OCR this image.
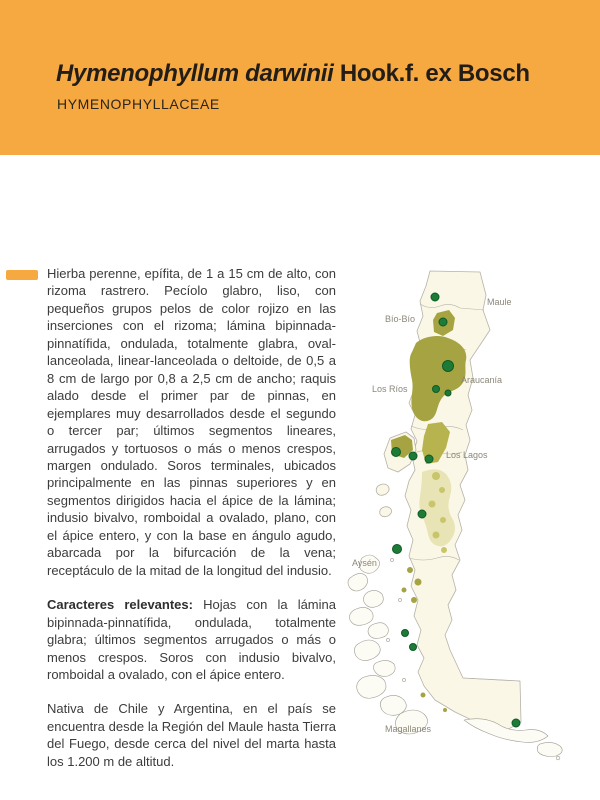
Hymenophyllum darwinii Hook.f. ex Bosch
HYMENOPHYLLACEAE

Hierba perenne, epífita, de 1 a 15 cm de alto, con rizoma rastrero. Pecíolo glabro, liso, con pequeños grupos pelos de color rojizo en las inserciones con el rizoma; lámina bipinnada-pinnatífida, ondulada, totalmente glabra, oval-lanceolada, linear-lanceolada o deltoide, de 0,5 a 8 cm de largo por 0,8 a 2,5 cm de ancho; raquis alado desde el primer par de pinnas, en ejemplares muy desarrollados desde el segundo o tercer par; últimos segmentos lineares, arrugados y tortuosos o más o menos crespos, margen ondulado. Soros terminales, ubicados principalmente en las pinnas superiores y en segmentos dirigidos hacia el ápice de la lámina; indusio bivalvo, romboidal a ovalado, plano, con el ápice entero, y con la base en ángulo agudo, abarcada por la bifurcación de la vena; receptáculo de la mitad de la longitud del indusio.

Caracteres relevantes: Hojas con la lámina bipinnada-pinnatífida, ondulada, totalmente glabra; últimos segmentos arrugados o más o menos crespos. Soros con indusio bivalvo, romboidal a ovalado, con el ápice entero.

Nativa de Chile y Argentina, en el país se encuentra desde la Región del Maule hasta Tierra del Fuego, desde cerca del nivel del marta hasta los 1.200 m de altitud.

Maule
Bío-Bío
Araucanía
Los Ríos
Los Lagos
Aysén
Magallanes
